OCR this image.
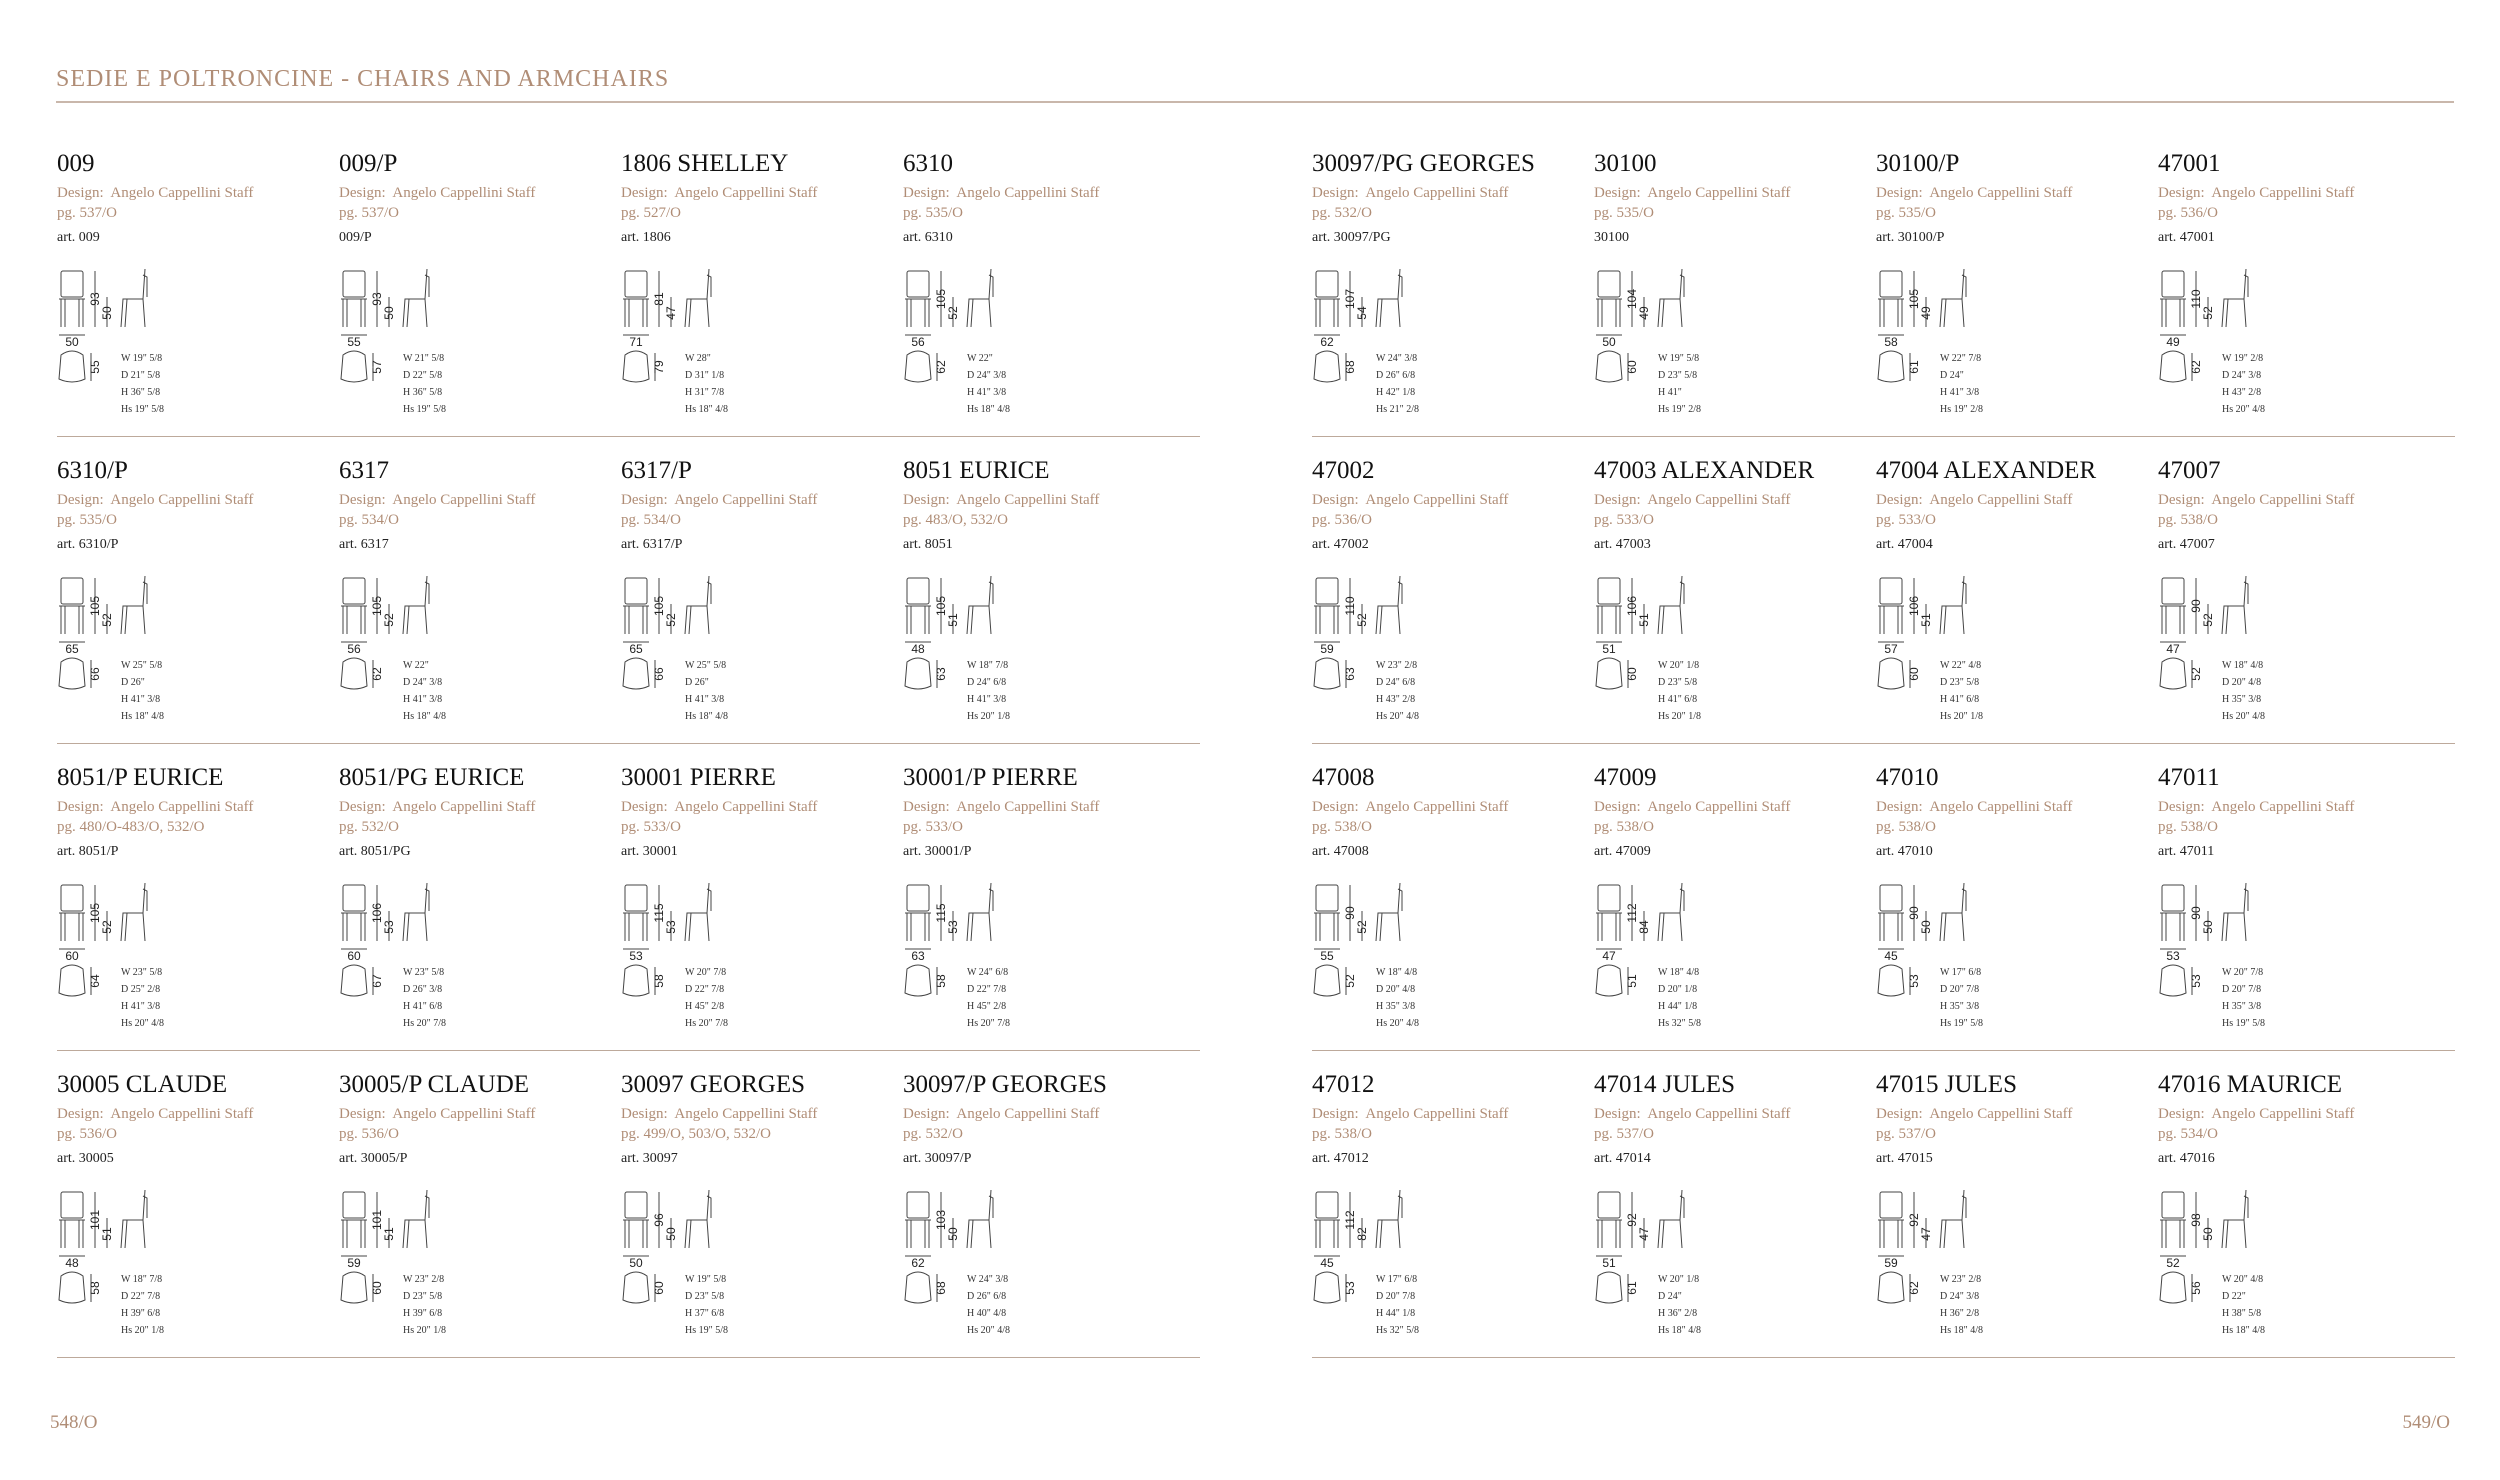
SEDIE E POLTRONCINE - CHAIRS AND ARMCHAIRS
009
Design: Angelo Cappellini Staff
pg. 537/O
art. 009
93
50
50
55
W 19" 5/8
D 21" 5/8
H 36" 5/8
Hs 19" 5/8
009/P
Design: Angelo Cappellini Staff
pg. 537/O
009/P
93
50
55
57
W 21" 5/8
D 22" 5/8
H 36" 5/8
Hs 19" 5/8
1806 SHELLEY
Design: Angelo Cappellini Staff
pg. 527/O
art. 1806
81
47
71
79
W 28"
D 31" 1/8
H 31" 7/8
Hs 18" 4/8
6310
Design: Angelo Cappellini Staff
pg. 535/O
art. 6310
105
52
56
62
W 22"
D 24" 3/8
H 41" 3/8
Hs 18" 4/8
6310/P
Design: Angelo Cappellini Staff
pg. 535/O
art. 6310/P
105
52
65
66
W 25" 5/8
D 26"
H 41" 3/8
Hs 18" 4/8
6317
Design: Angelo Cappellini Staff
pg. 534/O
art. 6317
105
52
56
62
W 22"
D 24" 3/8
H 41" 3/8
Hs 18" 4/8
6317/P
Design: Angelo Cappellini Staff
pg. 534/O
art. 6317/P
105
52
65
66
W 25" 5/8
D 26"
H 41" 3/8
Hs 18" 4/8
8051 EURICE
Design: Angelo Cappellini Staff
pg. 483/O, 532/O
art. 8051
105
51
48
63
W 18" 7/8
D 24" 6/8
H 41" 3/8
Hs 20" 1/8
8051/P EURICE
Design: Angelo Cappellini Staff
pg. 480/O-483/O, 532/O
art. 8051/P
105
52
60
64
W 23" 5/8
D 25" 2/8
H 41" 3/8
Hs 20" 4/8
8051/PG EURICE
Design: Angelo Cappellini Staff
pg. 532/O
art. 8051/PG
106
53
60
67
W 23" 5/8
D 26" 3/8
H 41" 6/8
Hs 20" 7/8
30001 PIERRE
Design: Angelo Cappellini Staff
pg. 533/O
art. 30001
115
53
53
58
W 20" 7/8
D 22" 7/8
H 45" 2/8
Hs 20" 7/8
30001/P PIERRE
Design: Angelo Cappellini Staff
pg. 533/O
art. 30001/P
115
53
63
58
W 24" 6/8
D 22" 7/8
H 45" 2/8
Hs 20" 7/8
30005 CLAUDE
Design: Angelo Cappellini Staff
pg. 536/O
art. 30005
101
51
48
58
W 18" 7/8
D 22" 7/8
H 39" 6/8
Hs 20" 1/8
30005/P CLAUDE
Design: Angelo Cappellini Staff
pg. 536/O
art. 30005/P
101
51
59
60
W 23" 2/8
D 23" 5/8
H 39" 6/8
Hs 20" 1/8
30097 GEORGES
Design: Angelo Cappellini Staff
pg. 499/O, 503/O, 532/O
art. 30097
96
50
50
60
W 19" 5/8
D 23" 5/8
H 37" 6/8
Hs 19" 5/8
30097/P GEORGES
Design: Angelo Cappellini Staff
pg. 532/O
art. 30097/P
103
50
62
68
W 24" 3/8
D 26" 6/8
H 40" 4/8
Hs 20" 4/8
30097/PG GEORGES
Design: Angelo Cappellini Staff
pg. 532/O
art. 30097/PG
107
54
62
68
W 24" 3/8
D 26" 6/8
H 42" 1/8
Hs 21" 2/8
30100
Design: Angelo Cappellini Staff
pg. 535/O
30100
104
49
50
60
W 19" 5/8
D 23" 5/8
H 41"
Hs 19" 2/8
30100/P
Design: Angelo Cappellini Staff
pg. 535/O
art. 30100/P
105
49
58
61
W 22" 7/8
D 24"
H 41" 3/8
Hs 19" 2/8
47001
Design: Angelo Cappellini Staff
pg. 536/O
art. 47001
110
52
49
62
W 19" 2/8
D 24" 3/8
H 43" 2/8
Hs 20" 4/8
47002
Design: Angelo Cappellini Staff
pg. 536/O
art. 47002
110
52
59
63
W 23" 2/8
D 24" 6/8
H 43" 2/8
Hs 20" 4/8
47003 ALEXANDER
Design: Angelo Cappellini Staff
pg. 533/O
art. 47003
106
51
51
60
W 20" 1/8
D 23" 5/8
H 41" 6/8
Hs 20" 1/8
47004 ALEXANDER
Design: Angelo Cappellini Staff
pg. 533/O
art. 47004
106
51
57
60
W 22" 4/8
D 23" 5/8
H 41" 6/8
Hs 20" 1/8
47007
Design: Angelo Cappellini Staff
pg. 538/O
art. 47007
90
52
47
52
W 18" 4/8
D 20" 4/8
H 35" 3/8
Hs 20" 4/8
47008
Design: Angelo Cappellini Staff
pg. 538/O
art. 47008
90
52
55
52
W 18" 4/8
D 20" 4/8
H 35" 3/8
Hs 20" 4/8
47009
Design: Angelo Cappellini Staff
pg. 538/O
art. 47009
112
84
47
51
W 18" 4/8
D 20" 1/8
H 44" 1/8
Hs 32" 5/8
47010
Design: Angelo Cappellini Staff
pg. 538/O
art. 47010
90
50
45
53
W 17" 6/8
D 20" 7/8
H 35" 3/8
Hs 19" 5/8
47011
Design: Angelo Cappellini Staff
pg. 538/O
art. 47011
90
50
53
53
W 20" 7/8
D 20" 7/8
H 35" 3/8
Hs 19" 5/8
47012
Design: Angelo Cappellini Staff
pg. 538/O
art. 47012
112
82
45
53
W 17" 6/8
D 20" 7/8
H 44" 1/8
Hs 32" 5/8
47014 JULES
Design: Angelo Cappellini Staff
pg. 537/O
art. 47014
92
47
51
61
W 20" 1/8
D 24"
H 36" 2/8
Hs 18" 4/8
47015 JULES
Design: Angelo Cappellini Staff
pg. 537/O
art. 47015
92
47
59
62
W 23" 2/8
D 24" 3/8
H 36" 2/8
Hs 18" 4/8
47016 MAURICE
Design: Angelo Cappellini Staff
pg. 534/O
art. 47016
98
50
52
56
W 20" 4/8
D 22"
H 38" 5/8
Hs 18" 4/8
548/O	549/O
